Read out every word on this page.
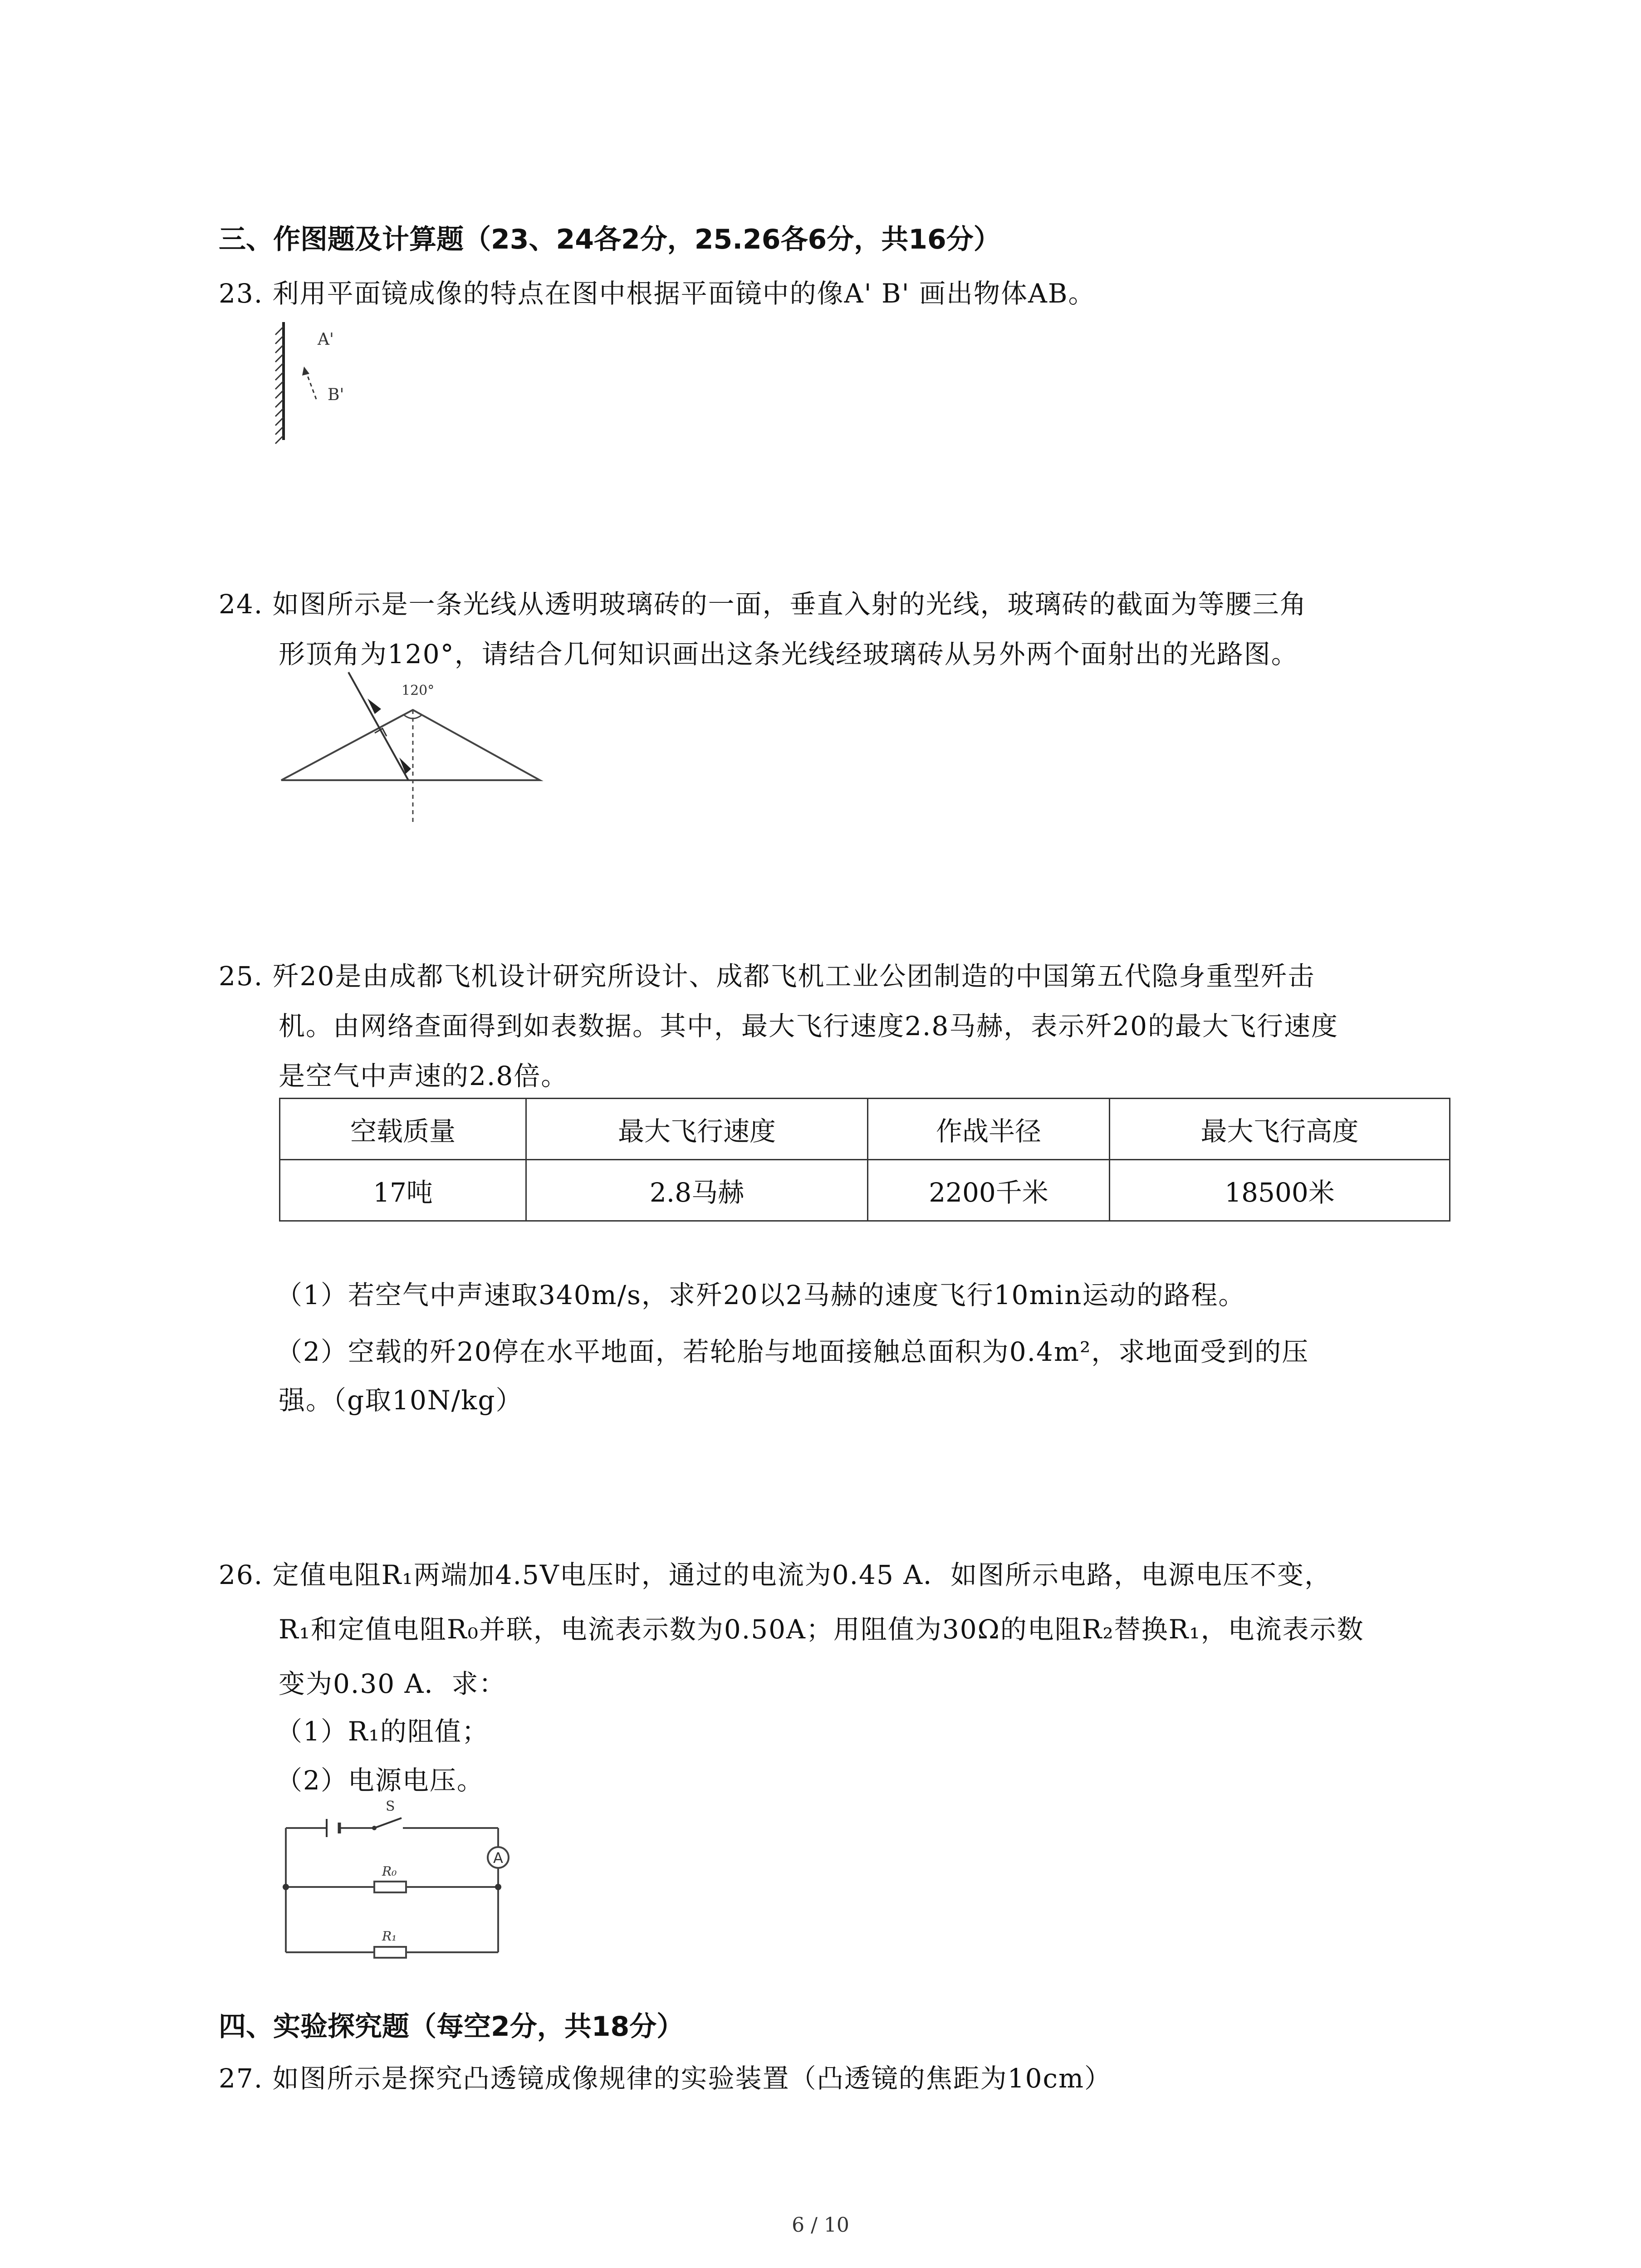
三、作图题及计算题（23、24各2分，25.26各6分，共16分）
23. 利用平面镜成像的特点在图中根据平面镜中的像A' B' 画出物体AB。
A'
B'
24. 如图所示是一条光线从透明玻璃砖的一面，垂直入射的光线，玻璃砖的截面为等腰三角
形顶角为120°，请结合几何知识画出这条光线经玻璃砖从另外两个面射出的光路图。
120°
25. 歼20是由成都飞机设计研究所设计、成都飞机工业公团制造的中国第五代隐身重型歼击
机。由网络查面得到如表数据。其中，最大飞行速度2.8马赫，表示歼20的最大飞行速度
是空气中声速的2.8倍。
空载质量	最大飞行速度	作战半径	最大飞行高度
17吨	2.8马赫	2200千米	18500米
（1）若空气中声速取340m/s，求歼20以2马赫的速度飞行10min运动的路程。
（2）空载的歼20停在水平地面，若轮胎与地面接触总面积为0.4m²，求地面受到的压
强。（g取10N/kg）
26. 定值电阻R₁两端加4.5V电压时，通过的电流为0.45 A．如图所示电路，电源电压不变，
R₁和定值电阻R₀并联，电流表示数为0.50A；用阻值为30Ω的电阻R₂替换R₁，电流表示数
变为0.30 A．求：
（1）R₁的阻值；
（2）电源电压。
S
A
R₀
R₁
四、实验探究题（每空2分，共18分）
27. 如图所示是探究凸透镜成像规律的实验装置（凸透镜的焦距为10cm）
6 / 10
